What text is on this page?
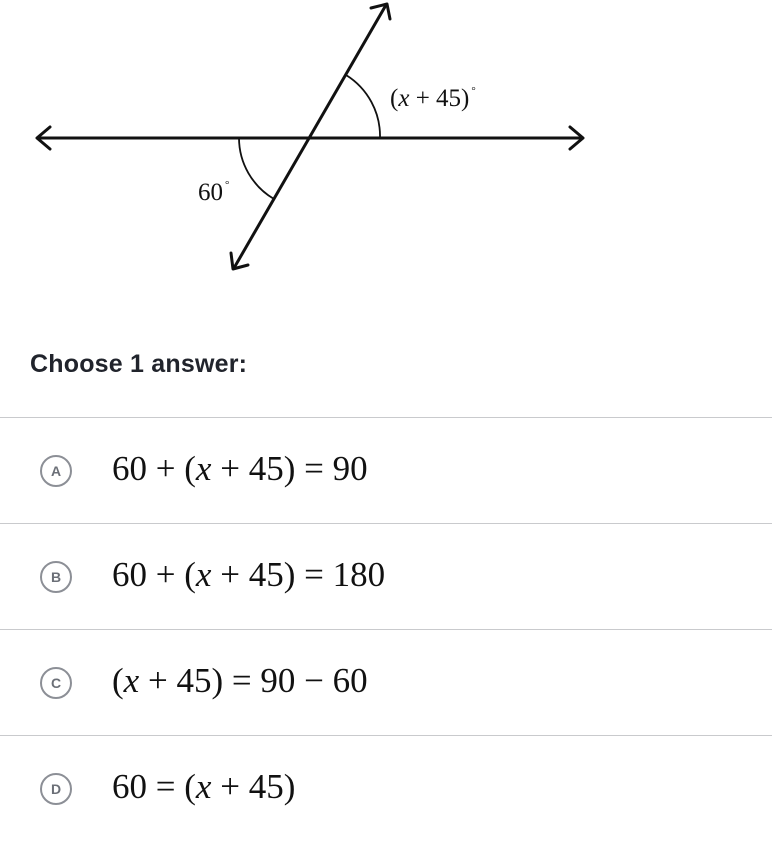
(x + 45) °
60 °
Choose 1 answer:
A	60 + (x + 45) = 90
B	60 + (x + 45) = 180
C	(x + 45) = 90 − 60
D	60 = (x + 45)
